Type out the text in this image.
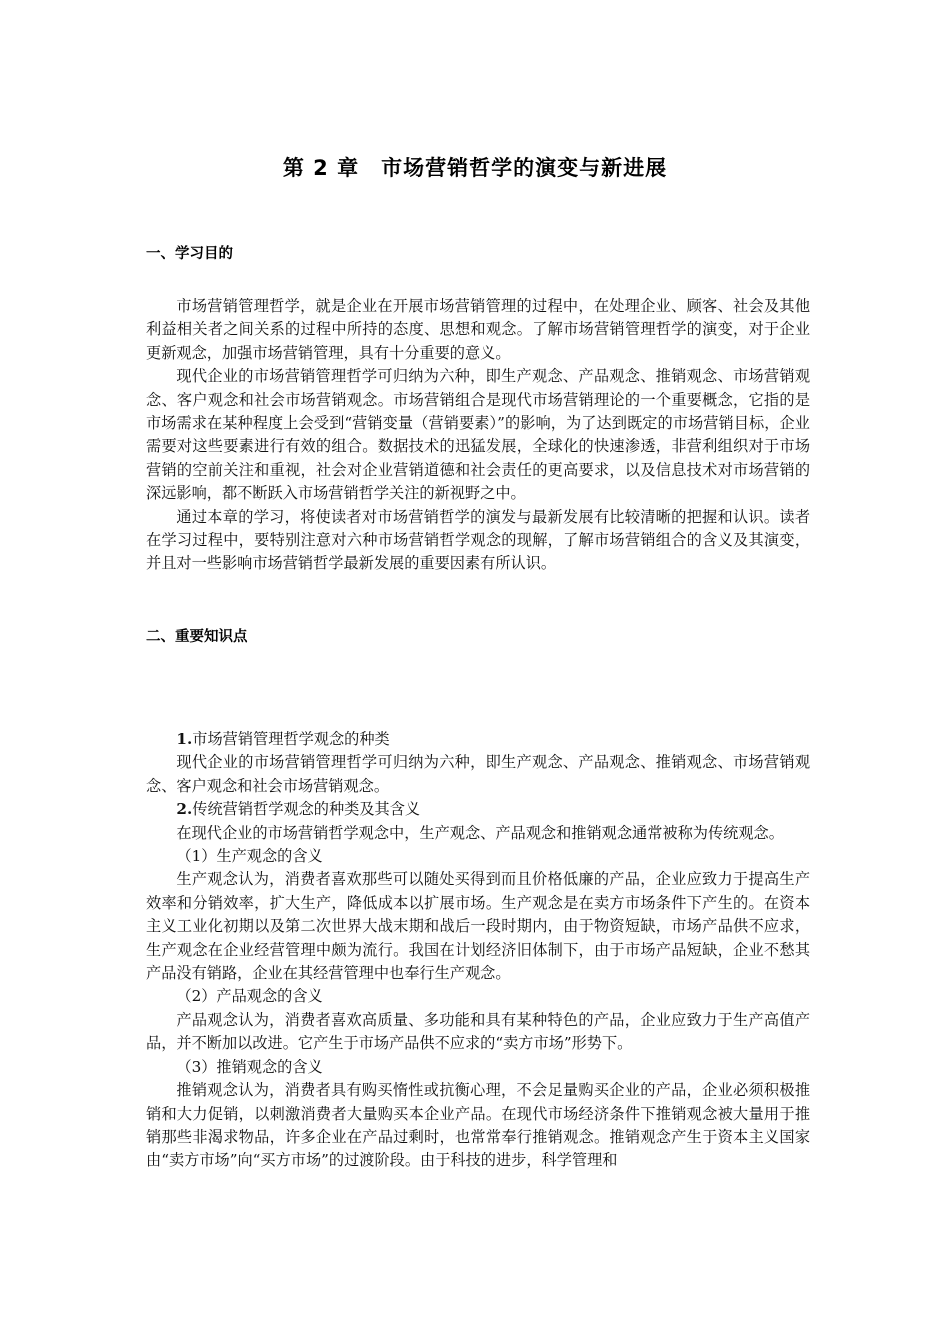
第 2 章　市场营销哲学的演变与新进展
一、学习目的

市场营销管理哲学，就是企业在开展市场营销管理的过程中，在处理企业、顾客、社会及其他利益相关者之间关系的过程中所持的态度、思想和观念。了解市场营销管理哲学的演变，对于企业更新观念，加强市场营销管理，具有十分重要的意义。

现代企业的市场营销管理哲学可归纳为六种，即生产观念、产品观念、推销观念、市场营销观念、客户观念和社会市场营销观念。市场营销组合是现代市场营销理论的一个重要概念，它指的是市场需求在某种程度上会受到“营销变量（营销要素）”的影响，为了达到既定的市场营销目标，企业需要对这些要素进行有效的组合。数据技术的迅猛发展，全球化的快速渗透，非营利组织对于市场营销的空前关注和重视，社会对企业营销道德和社会责任的更高要求，以及信息技术对市场营销的深远影响，都不断跃入市场营销哲学关注的新视野之中。

通过本章的学习，将使读者对市场营销哲学的演发与最新发展有比较清晰的把握和认识。读者在学习过程中，要特别注意对六种市场营销哲学观念的现解，了解市场营销组合的含义及其演变，并且对一些影响市场营销哲学最新发展的重要因素有所认识。

二、重要知识点

1.市场营销管理哲学观念的种类

现代企业的市场营销管理哲学可归纳为六种，即生产观念、产品观念、推销观念、市场营销观念、客户观念和社会市场营销观念。

2.传统营销哲学观念的种类及其含义

在现代企业的市场营销哲学观念中，生产观念、产品观念和推销观念通常被称为传统观念。

（1）生产观念的含义

生产观念认为，消费者喜欢那些可以随处买得到而且价格低廉的产品，企业应致力于提高生产效率和分销效率，扩大生产，降低成本以扩展市场。生产观念是在卖方市场条件下产生的。在资本主义工业化初期以及第二次世界大战末期和战后一段时期内，由于物资短缺，市场产品供不应求，生产观念在企业经营管理中颇为流行。我国在计划经济旧体制下，由于市场产品短缺，企业不愁其产品没有销路，企业在其经营管理中也奉行生产观念。

（2）产品观念的含义

产品观念认为，消费者喜欢高质量、多功能和具有某种特色的产品，企业应致力于生产高值产品，并不断加以改进。它产生于市场产品供不应求的“卖方市场”形势下。

（3）推销观念的含义

推销观念认为，消费者具有购买惰性或抗衡心理，不会足量购买企业的产品，企业必须积极推销和大力促销，以刺激消费者大量购买本企业产品。在现代市场经济条件下推销观念被大量用于推销那些非渴求物品，许多企业在产品过剩时，也常常奉行推销观念。推销观念产生于资本主义国家由“卖方市场”向“买方市场”的过渡阶段。由于科技的进步，科学管理和
